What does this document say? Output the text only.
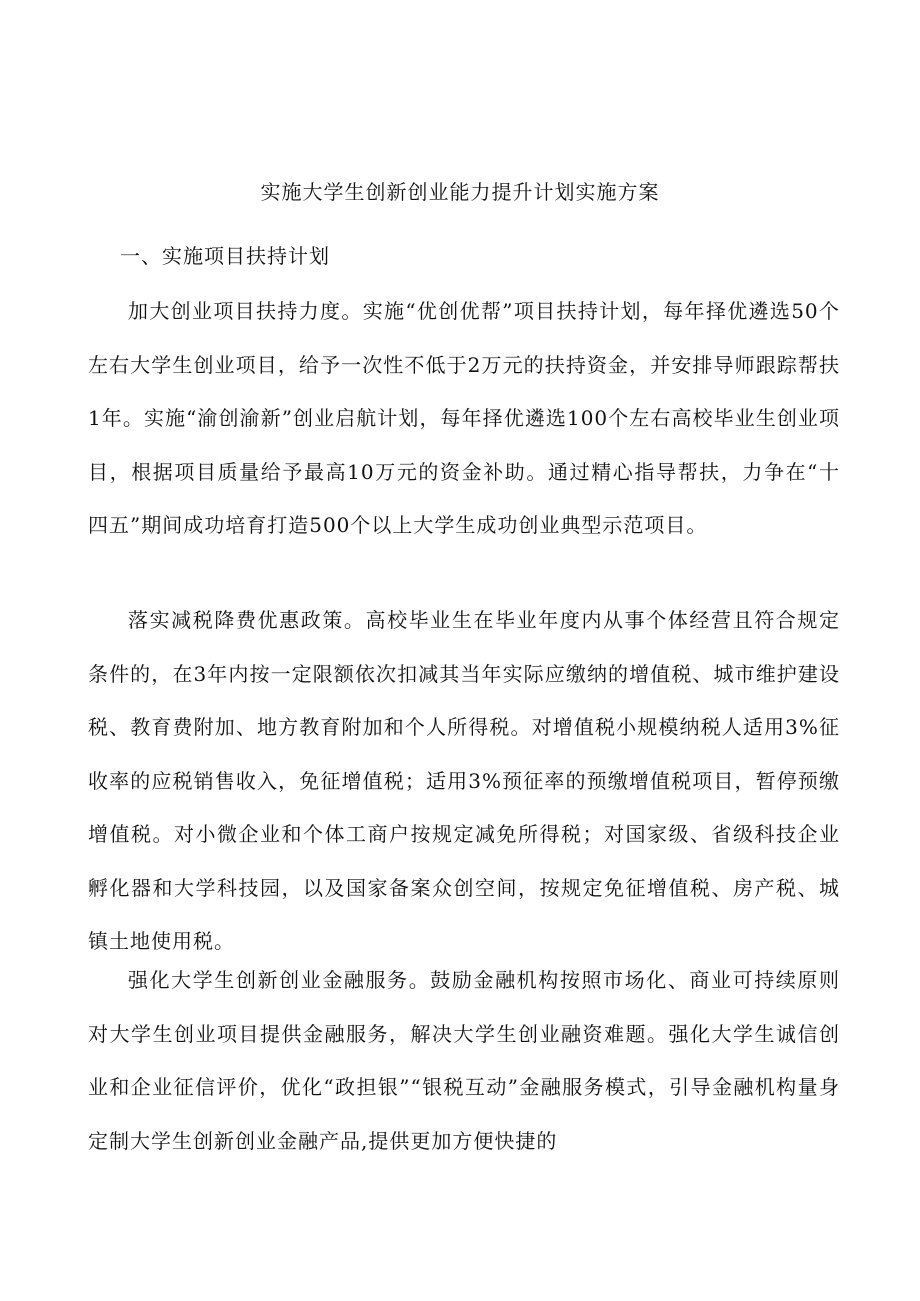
实施大学生创新创业能力提升计划实施方案
一、实施项目扶持计划

加大创业项目扶持力度。实施“优创优帮”项目扶持计划，每年择优遴选50个左右大学生创业项目，给予一次性不低于2万元的扶持资金，并安排导师跟踪帮扶1年。实施“渝创渝新”创业启航计划，每年择优遴选100个左右高校毕业生创业项目，根据项目质量给予最高10万元的资金补助。通过精心指导帮扶，力争在“十四五”期间成功培育打造500个以上大学生成功创业典型示范项目。

落实减税降费优惠政策。高校毕业生在毕业年度内从事个体经营且符合规定条件的，在3年内按一定限额依次扣减其当年实际应缴纳的增值税、城市维护建设税、教育费附加、地方教育附加和个人所得税。对增值税小规模纳税人适用3%征收率的应税销售收入，免征增值税；适用3%预征率的预缴增值税项目，暂停预缴增值税。对小微企业和个体工商户按规定减免所得税；对国家级、省级科技企业孵化器和大学科技园，以及国家备案众创空间，按规定免征增值税、房产税、城镇土地使用税。

强化大学生创新创业金融服务。鼓励金融机构按照市场化、商业可持续原则对大学生创业项目提供金融服务，解决大学生创业融资难题。强化大学生诚信创业和企业征信评价，优化“政担银”“银税互动”金融服务模式，引导金融机构量身定制大学生创新创业金融产品,提供更加方便快捷的
